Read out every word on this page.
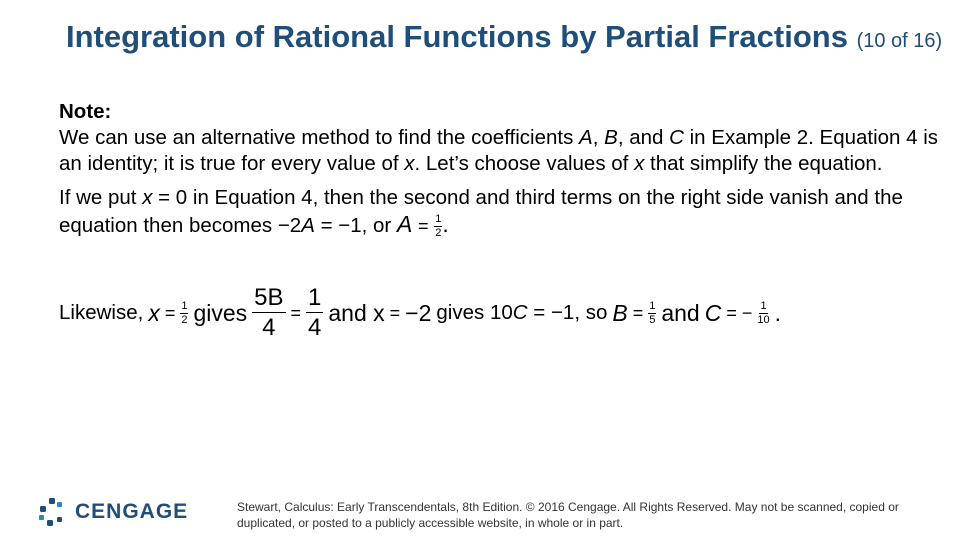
Integration of Rational Functions by Partial Fractions (10 of 16)
Note:
We can use an alternative method to find the coefficients A, B, and C in Example 2. Equation 4 is an identity; it is true for every value of x. Let’s choose values of x that simplify the equation.
If we put x = 0 in Equation 4, then the second and third terms on the right side vanish and the equation then becomes −2A = −1, or $A = \frac{1}{2}$ .
Likewise, $x = \frac{1}{2}$ gives $\frac{5B}{4} = \frac{1}{4}$ and x = −2 gives 10C = −1, so $B = \frac{1}{5}$ and C = − $\frac{1}{10}$ .
CENGAGE	Stewart, Calculus: Early Transcendentals, 8th Edition. © 2016 Cengage. All Rights Reserved. May not be scanned, copied or duplicated, or posted to a publicly accessible website, in whole or in part.
